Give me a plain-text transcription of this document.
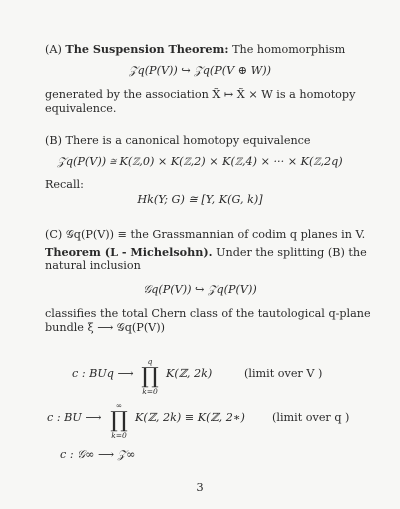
(A) The Suspension Theorem: The homomorphism
𝒵q(P(V)) ↪ 𝒵q(P(V ⊕ W))
generated by the association X̃ ↦ X̃ × W is a homotopy
equivalence.
(B) There is a canonical homotopy equivalence
𝒵q(P(V)) ≅ K(ℤ,0) × K(ℤ,2) × K(ℤ,4) × ··· × K(ℤ,2q)
Recall:
Hk(Y; G) ≅ [Y, K(G, k)]
(C) 𝒢q(P(V)) ≡ the Grassmannian of codim q planes in V.
Theorem (L - Michelsohn). Under the splitting (B) the
natural inclusion
𝒢q(P(V)) ↪ 𝒵q(P(V))
classifies the total Chern class of the tautological q-plane
bundle ξ ⟶ 𝒢q(P(V))
c : BUq ⟶
q
∏
k=0
K(ℤ, 2k)	(limit over V )
c : BU ⟶
∞
∏
k=0
K(ℤ, 2k) ≡ K(ℤ, 2∗) (limit over q )
c : 𝒢∞ ⟶ 𝒵∞
3
